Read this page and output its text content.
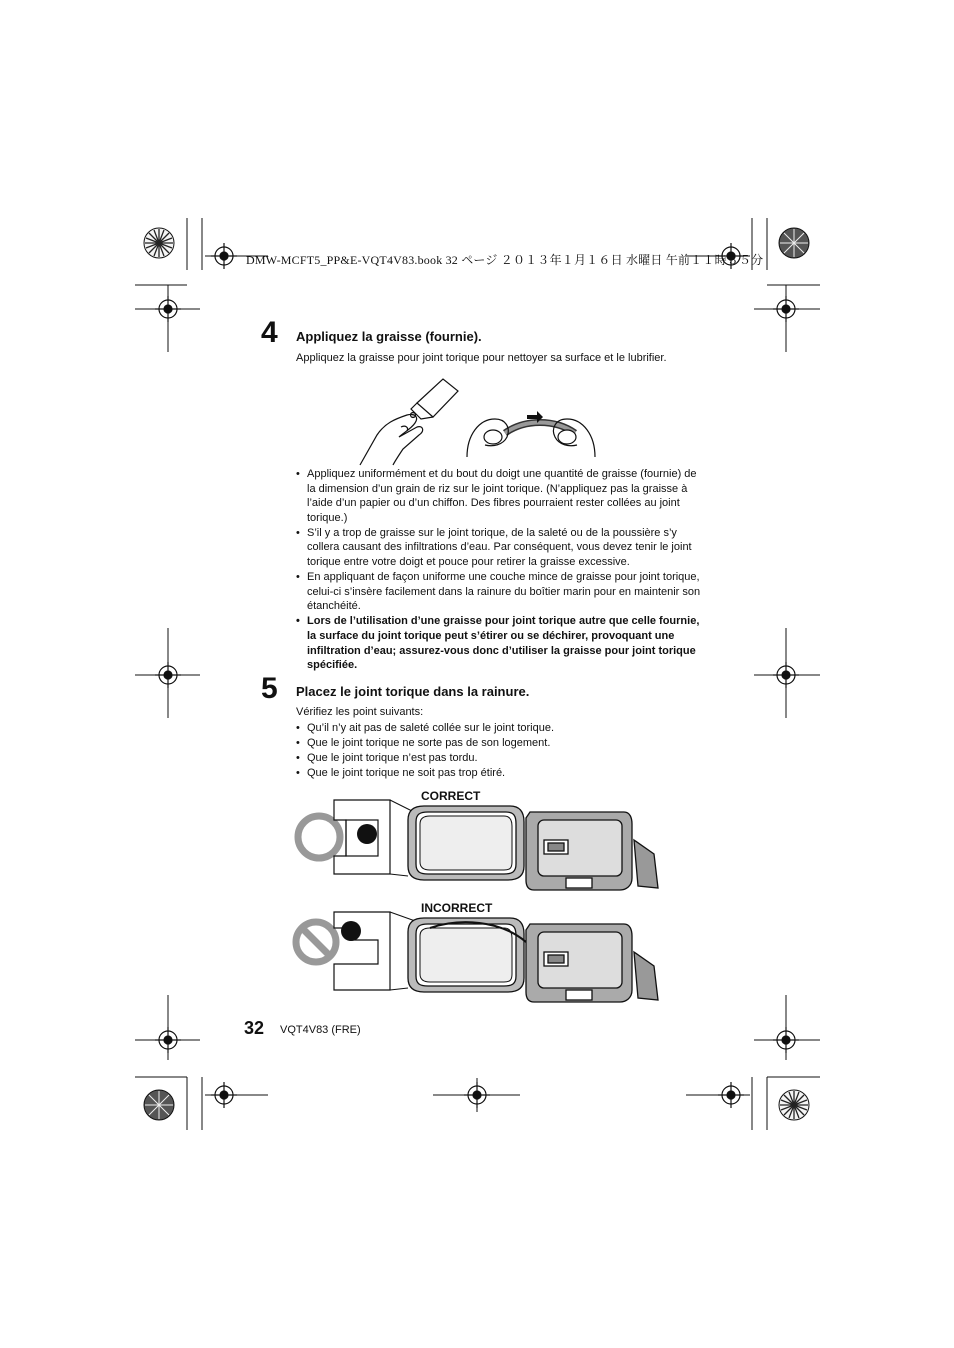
DMW-MCFT5_PP&E-VQT4V83.book 32 ページ ２０１３年１月１６日 水曜日 午前１１時３５分
4 Appliquez la graisse (fournie).
Appliquez la graisse pour joint torique pour nettoyer sa surface et le lubrifier.
• Appliquez uniformément et du bout du doigt une quantité de graisse (fournie) de la dimension d’un grain de riz sur le joint torique. (N’appliquez pas la graisse à l’aide d’un papier ou d’un chiffon. Des fibres pourraient rester collées au joint torique.)
• S’il y a trop de graisse sur le joint torique, de la saleté ou de la poussière s’y collera causant des infiltrations d’eau. Par conséquent, vous devez tenir le joint torique entre votre doigt et pouce pour retirer la graisse excessive.
• En appliquant de façon uniforme une couche mince de graisse pour joint torique, celui-ci s’insère facilement dans la rainure du boîtier marin pour en maintenir son étanchéité.
• Lors de l’utilisation d’une graisse pour joint torique autre que celle fournie, la surface du joint torique peut s’étirer ou se déchirer, provoquant une infiltration d’eau; assurez-vous donc d’utiliser la graisse pour joint torique spécifiée.
5 Placez le joint torique dans la rainure.
Vérifiez les point suivants:
• Qu’il n’y ait pas de saleté collée sur le joint torique.
• Que le joint torique ne sorte pas de son logement.
• Que le joint torique n’est pas tordu.
• Que le joint torique ne soit pas trop étiré.
CORRECT
INCORRECT
32 VQT4V83 (FRE)
